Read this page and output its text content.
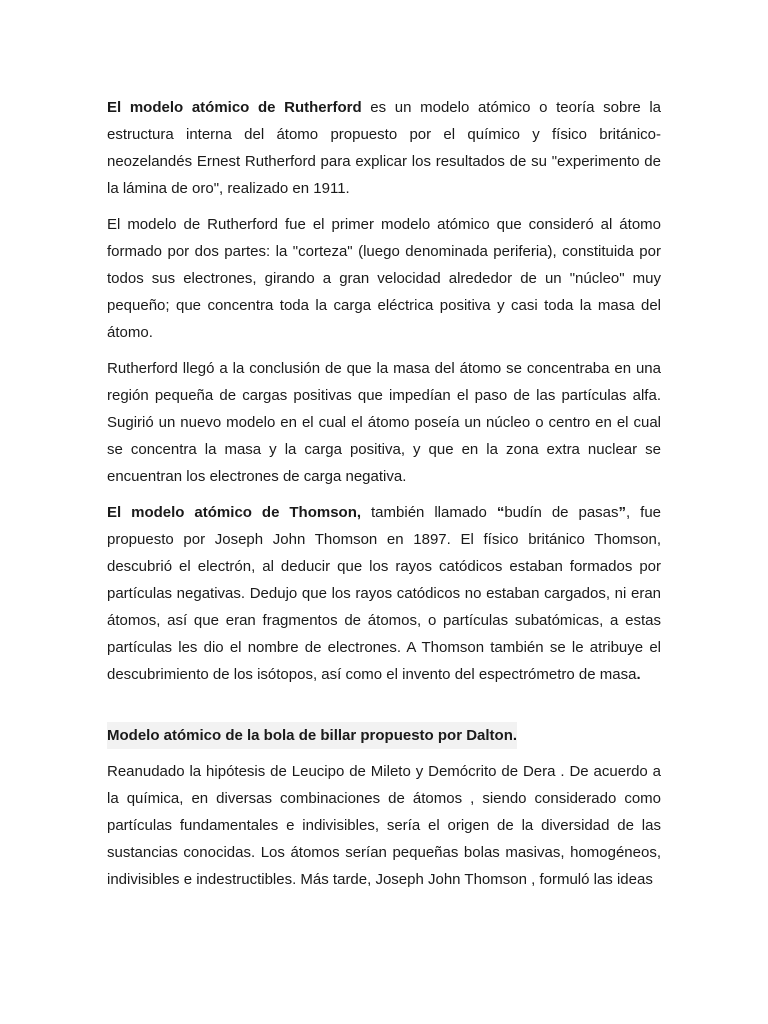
El modelo atómico de Rutherford es un modelo atómico o teoría sobre la estructura interna del átomo propuesto por el químico y físico británico-neozelandés Ernest Rutherford para explicar los resultados de su "experimento de la lámina de oro", realizado en 1911.

El modelo de Rutherford fue el primer modelo atómico que consideró al átomo formado por dos partes: la "corteza" (luego denominada periferia), constituida por todos sus electrones, girando a gran velocidad alrededor de un "núcleo" muy pequeño; que concentra toda la carga eléctrica positiva y casi toda la masa del átomo.

Rutherford llegó a la conclusión de que la masa del átomo se concentraba en una región pequeña de cargas positivas que impedían el paso de las partículas alfa. Sugirió un nuevo modelo en el cual el átomo poseía un núcleo o centro en el cual se concentra la masa y la carga positiva, y que en la zona extra nuclear se encuentran los electrones de carga negativa.

El modelo atómico de Thomson, también llamado “budín de pasas”, fue propuesto por Joseph John Thomson en 1897. El físico británico Thomson, descubrió el electrón, al deducir que los rayos catódicos estaban formados por partículas negativas. Dedujo que los rayos catódicos no estaban cargados, ni eran átomos, así que eran fragmentos de átomos, o partículas subatómicas, a estas partículas les dio el nombre de electrones. A Thomson también se le atribuye el descubrimiento de los isótopos, así como el invento del espectrómetro de masa.

Modelo atómico de la bola de billar propuesto por Dalton.

Reanudado la hipótesis de Leucipo de Mileto y Demócrito de Dera . De acuerdo a la química, en diversas combinaciones de átomos , siendo considerado como partículas fundamentales e indivisibles, sería el origen de la diversidad de las sustancias conocidas. Los átomos serían pequeñas bolas masivas, homogéneos, indivisibles e indestructibles. Más tarde, Joseph John Thomson , formuló las ideas
